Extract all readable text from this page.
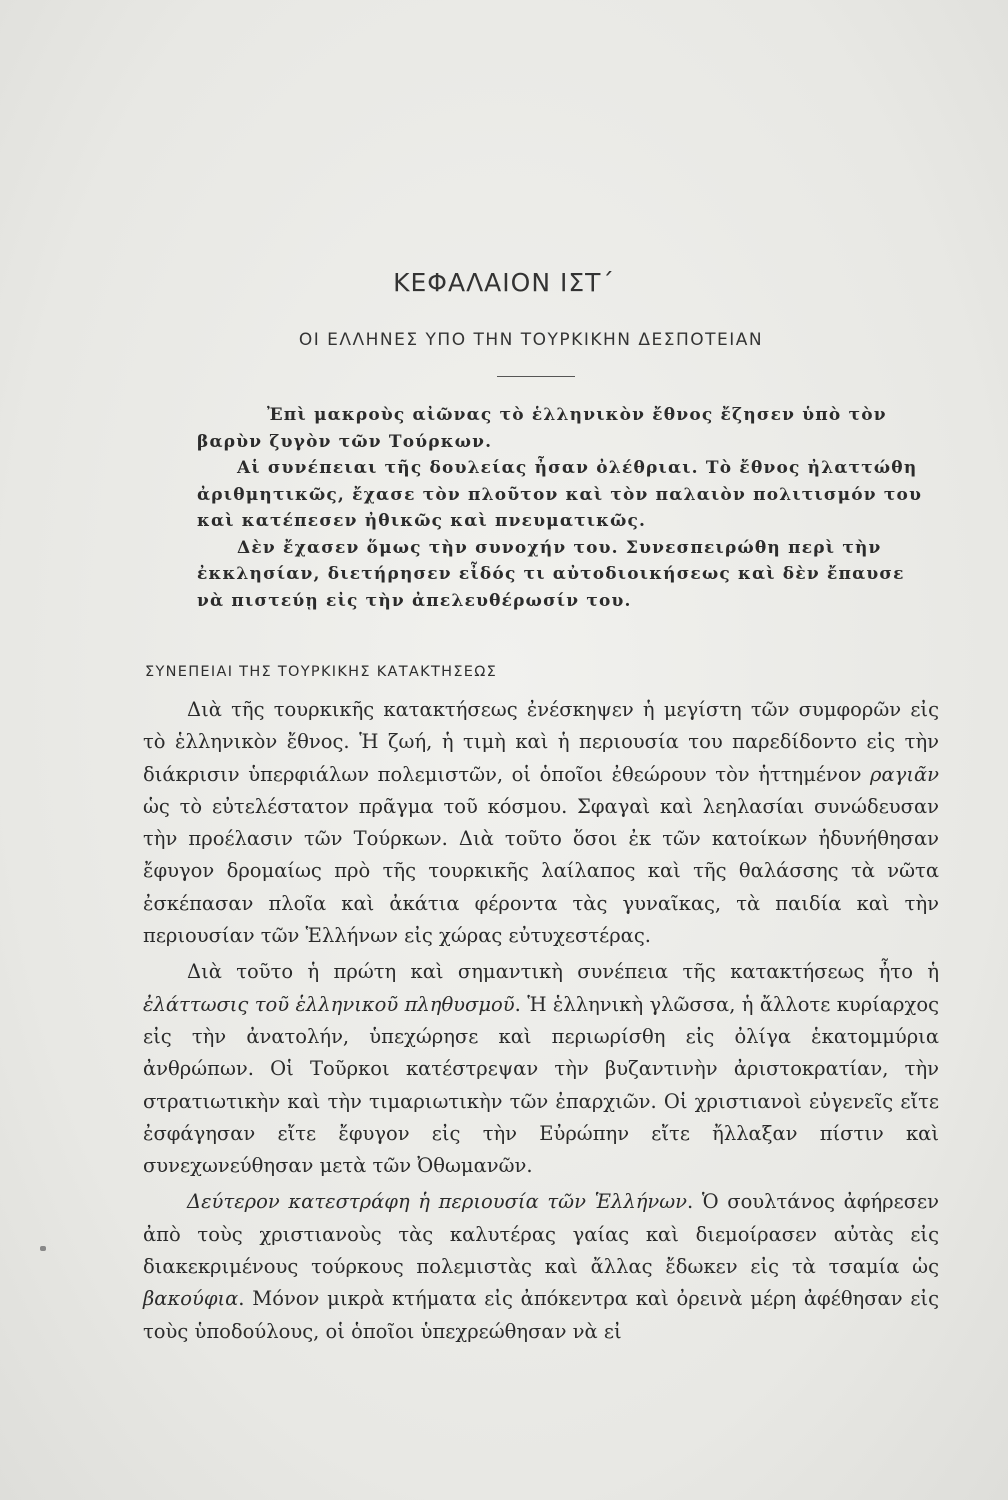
ΚΕΦΑΛΑΙΟΝ ΙΣΤ΄
ΟΙ ΕΛΛΗΝΕΣ ΥΠΟ ΤΗΝ ΤΟΥΡΚΙΚΗΝ ΔΕΣΠΟΤΕΙΑΝ

Ἐπὶ μακροὺς αἰῶνας τὸ ἑλληνικὸν ἔθνος ἔζησεν ὑπὸ τὸν βαρὺν ζυγὸν τῶν Τούρκων.

Αἱ συνέπειαι τῆς δουλείας ἦσαν ὀλέθριαι. Τὸ ἔθνος ἠλαττώθη ἀριθμητικῶς, ἔχασε τὸν πλοῦτον καὶ τὸν παλαιὸν πολιτισμόν του καὶ κατέπεσεν ἠθικῶς καὶ πνευματικῶς.

Δὲν ἔχασεν ὅμως τὴν συνοχήν του. Συνεσπειρώθη περὶ τὴν ἐκκλησίαν, διετήρησεν εἶδός τι αὐτοδιοικήσεως καὶ δὲν ἔπαυσε νὰ πιστεύῃ εἰς τὴν ἀπελευθέρωσίν του.

ΣΥΝΕΠΕΙΑΙ ΤΗΣ ΤΟΥΡΚΙΚΗΣ ΚΑΤΑΚΤΗΣΕΩΣ

Διὰ τῆς τουρκικῆς κατακτήσεως ἐνέσκηψεν ἡ μεγίστη τῶν συμφορῶν εἰς τὸ ἑλληνικὸν ἔθνος. Ἡ ζωή, ἡ τιμὴ καὶ ἡ περιουσία του παρεδίδοντο εἰς τὴν διάκρισιν ὑπερφιάλων πολεμιστῶν, οἱ ὁποῖοι ἐθεώρουν τὸν ἡττημένον ραγιᾶν ὡς τὸ εὐτελέστατον πρᾶγμα τοῦ κόσμου. Σφαγαὶ καὶ λεηλασίαι συνώδευσαν τὴν προέλασιν τῶν Τούρκων. Διὰ τοῦτο ὅσοι ἐκ τῶν κατοίκων ἠδυνήθησαν ἔφυγον δρομαίως πρὸ τῆς τουρκικῆς λαίλαπος καὶ τῆς θαλάσσης τὰ νῶτα ἐσκέπασαν πλοῖα καὶ ἀκάτια φέροντα τὰς γυναῖκας, τὰ παιδία καὶ τὴν περιουσίαν τῶν Ἑλλήνων εἰς χώρας εὐτυχεστέρας.

Διὰ τοῦτο ἡ πρώτη καὶ σημαντικὴ συνέπεια τῆς κατακτήσεως ἦτο ἡ ἐλάττωσις τοῦ ἑλληνικοῦ πληθυσμοῦ. Ἡ ἑλληνικὴ γλῶσσα, ἡ ἄλλοτε κυρίαρχος εἰς τὴν ἀνατολήν, ὑπεχώρησε καὶ περιωρίσθη εἰς ὀλίγα ἑκατομμύρια ἀνθρώπων. Οἱ Τοῦρκοι κατέστρεψαν τὴν βυζαντινὴν ἀριστοκρατίαν, τὴν στρατιωτικὴν καὶ τὴν τιμαριωτικὴν τῶν ἐπαρχιῶν. Οἱ χριστιανοὶ εὐγενεῖς εἴτε ἐσφάγησαν εἴτε ἔφυγον εἰς τὴν Εὐρώπην εἴτε ἤλλαξαν πίστιν καὶ συνεχωνεύθησαν μετὰ τῶν Ὀθωμανῶν.

Δεύτερον κατεστράφη ἡ περιουσία τῶν Ἑλλήνων. Ὁ σουλτάνος ἀφήρεσεν ἀπὸ τοὺς χριστιανοὺς τὰς καλυτέρας γαίας καὶ διεμοίρασεν αὐτὰς εἰς διακεκριμένους τούρκους πολεμιστὰς καὶ ἄλλας ἔδωκεν εἰς τὰ τσαμία ὡς βακούφια. Μόνον μικρὰ κτήματα εἰς ἀπόκεντρα καὶ ὀρεινὰ μέρη ἀφέθησαν εἰς τοὺς ὑποδούλους, οἱ ὁποῖοι ὑπεχρεώθησαν νὰ εἰ
